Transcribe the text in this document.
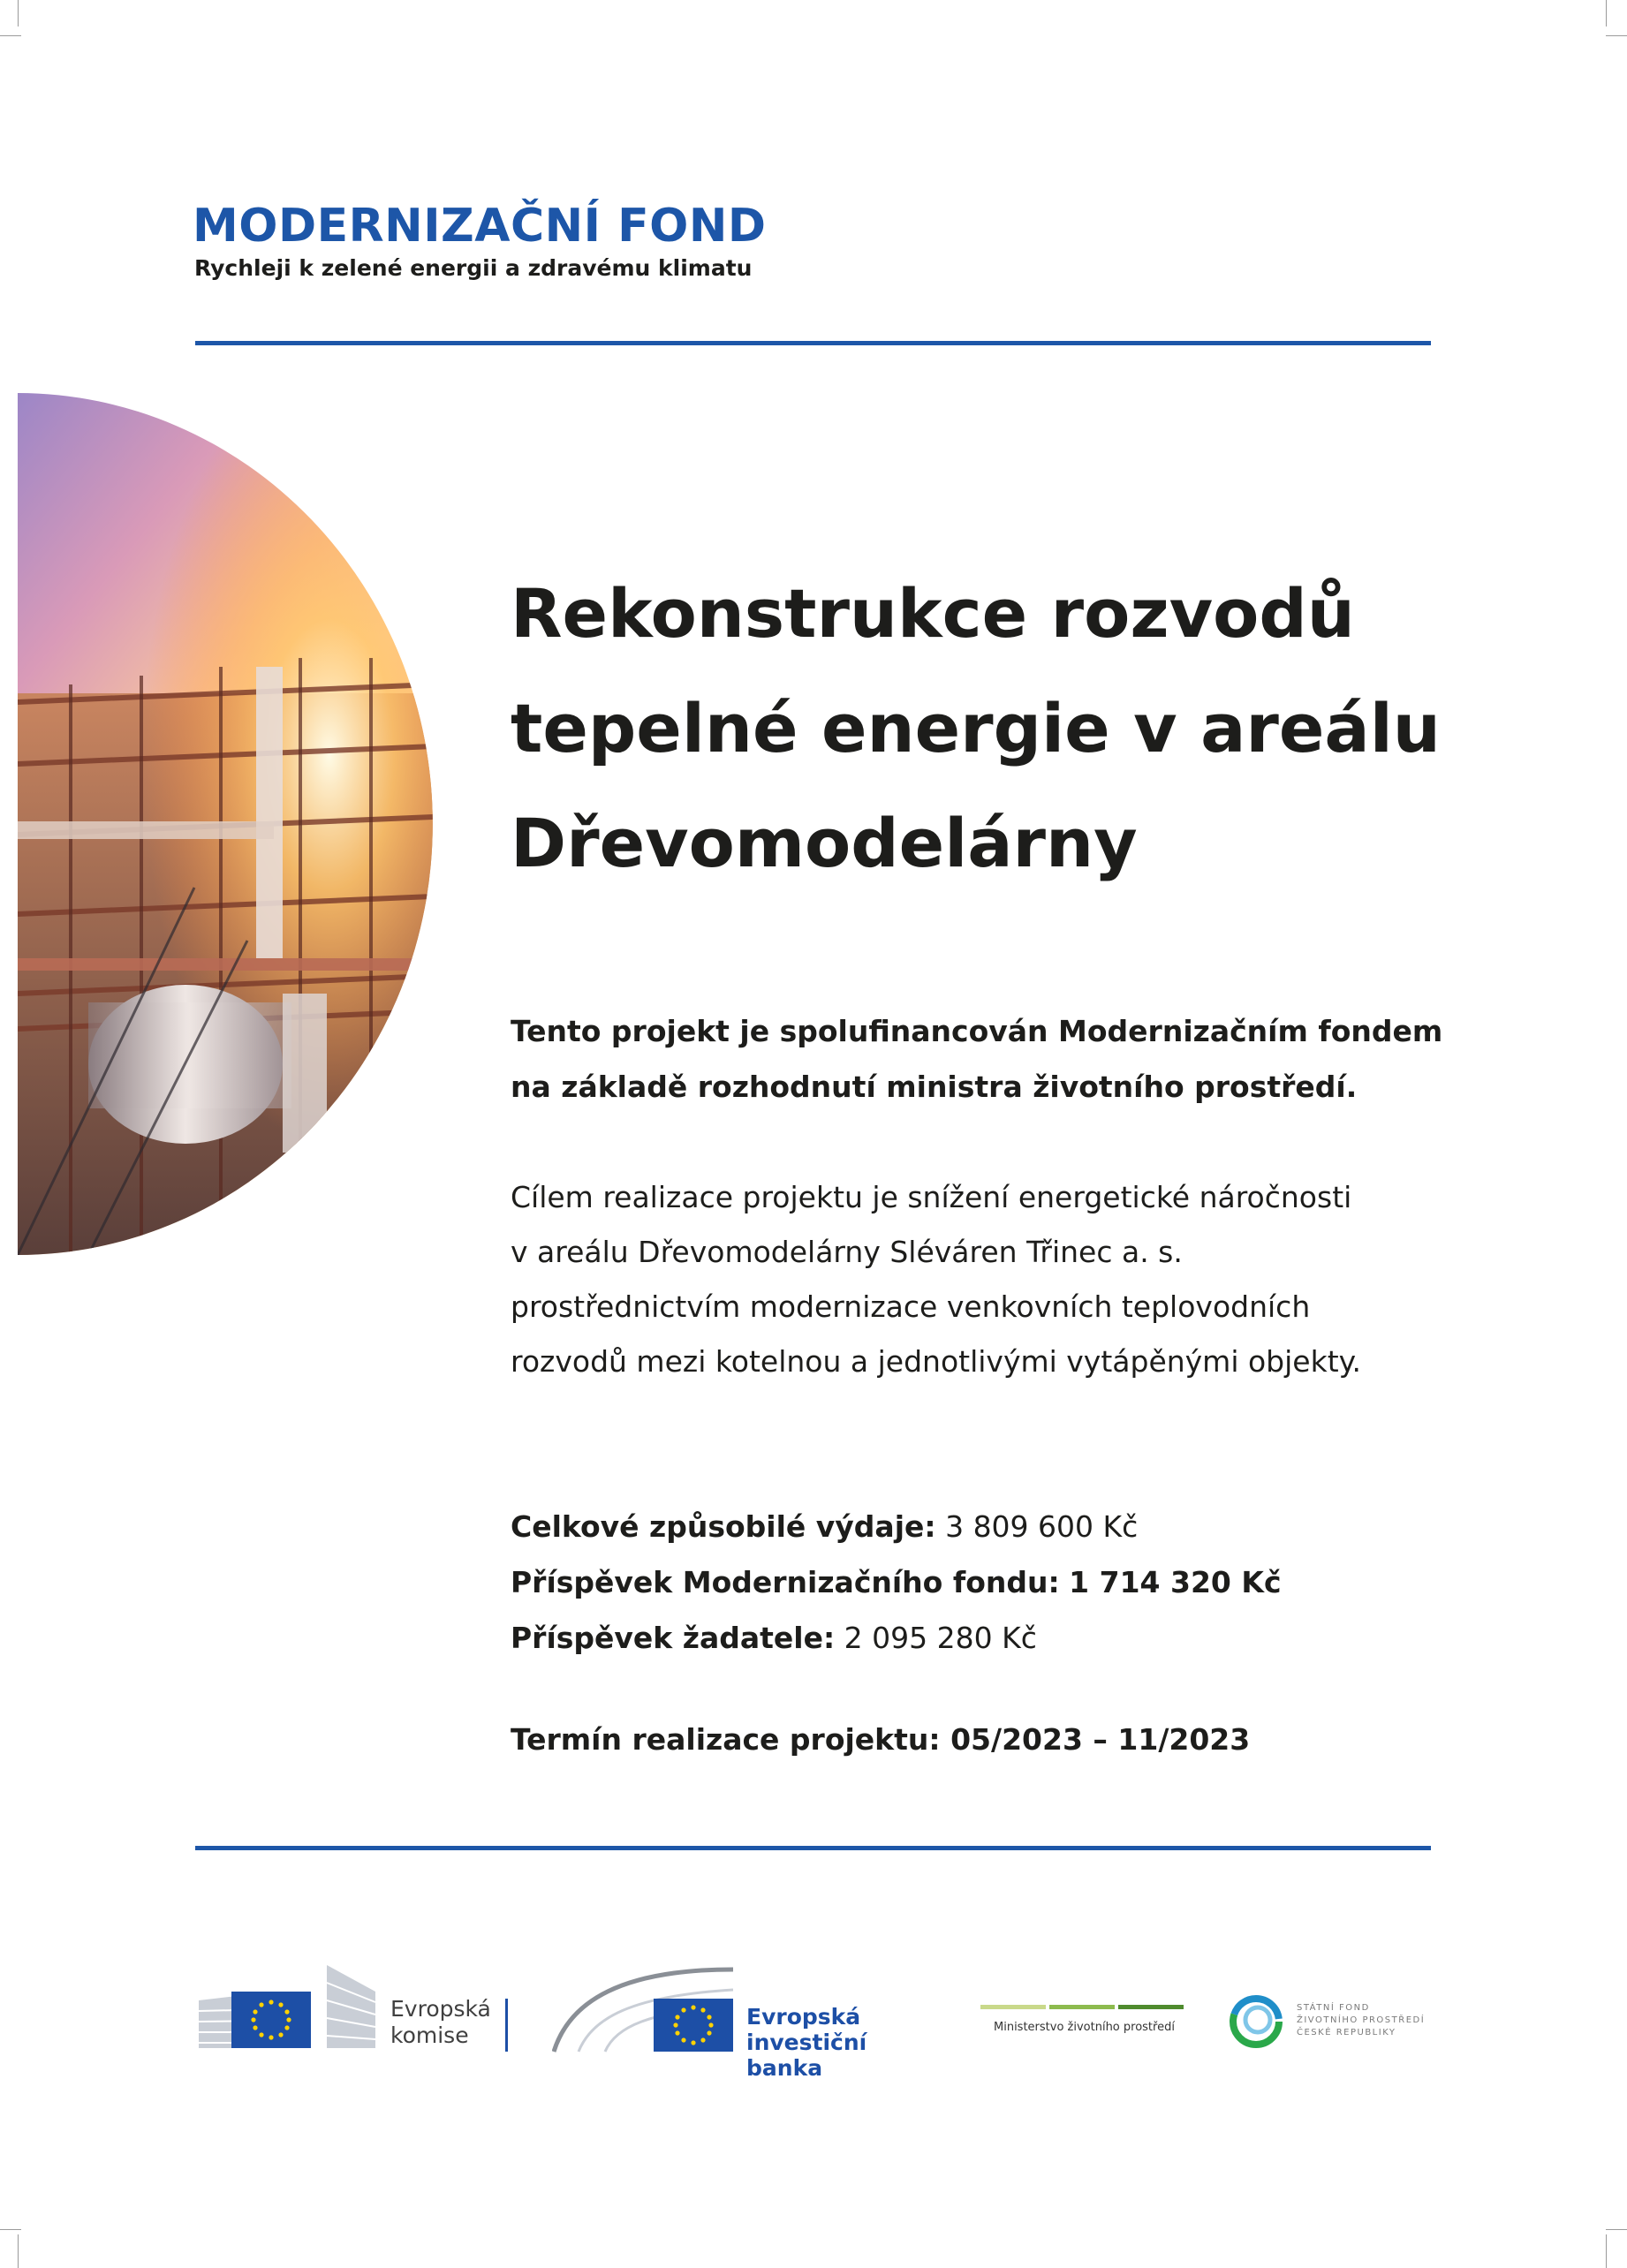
MODERNIZAČNÍ FOND
Rychleji k zelené energii a zdravému klimatu
Rekonstrukce rozvodů
tepelné energie v areálu
Dřevomodelárny
Tento projekt je spolufinancován Modernizačním fondem
na základě rozhodnutí ministra životního prostředí.
Cílem realizace projektu je snížení energetické náročnosti
v areálu Dřevomodelárny Sléváren Třinec a. s.
prostřednictvím modernizace venkovních teplovodních
rozvodů mezi kotelnou a jednotlivými vytápěnými objekty.
Celkové způsobilé výdaje: 3 809 600 Kč
Příspěvek Modernizačního fondu: 1 714 320 Kč
Příspěvek žadatele: 2 095 280 Kč
Termín realizace projektu: 05/2023 – 11/2023
Evropská
komise
Evropská
investiční banka
Ministerstvo životního prostředí
STÁTNÍ FOND
ŽIVOTNÍHO PROSTŘEDÍ
ČESKÉ REPUBLIKY
